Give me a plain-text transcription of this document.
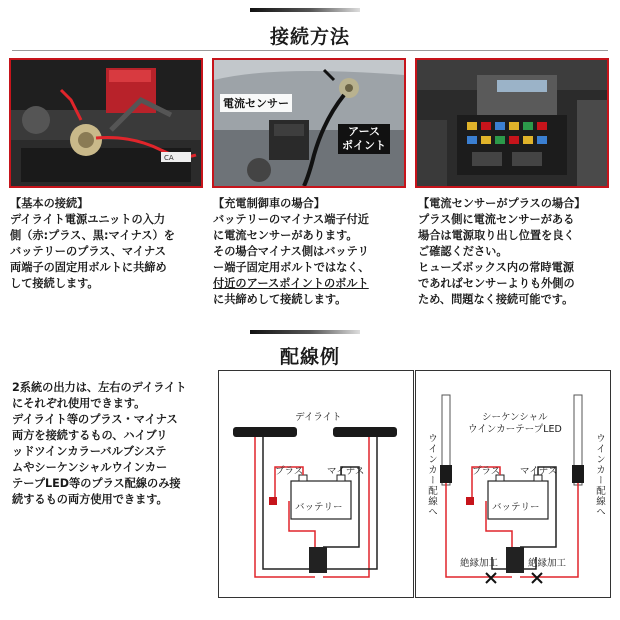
接続方法
CA
電流センサー
アース
ポイント
【基本の接続】
デイライト電源ユニットの入力
側（赤:プラス、黒:マイナス）を
バッテリーのプラス、マイナス
両端子の固定用ボルトに共締め
して接続します。
【充電制御車の場合】
バッテリーのマイナス端子付近
に電流センサーがあります。
その場合マイナス側はバッテリ
ー端子固定用ボルトではなく、
付近のアースポイントのボルト
に共締めして接続します。
【電流センサーがプラスの場合】
プラス側に電流センサーがある
場合は電源取り出し位置を良く
ご確認ください。
ヒューズボックス内の常時電源
であればセンサーよりも外側の
ため、問題なく接続可能です。
配線例
2系統の出力は、左右のデイライト
にそれぞれ使用できます。
デイライト等のプラス・マイナス
両方を接続するもの、ハイブリ
ッドツインカラーバルブシステ
ムやシーケンシャルウインカー
テープLED等のプラス配線のみ接
続するもの両方使用できます。
デイライト
プラス	マイナス
バッテリー
シーケンシャル
ウインカーテープLED
プラス マイナス
バッテリー
絶縁加工	絶縁加工
ウインカー配線へ	ウインカー配線へ
